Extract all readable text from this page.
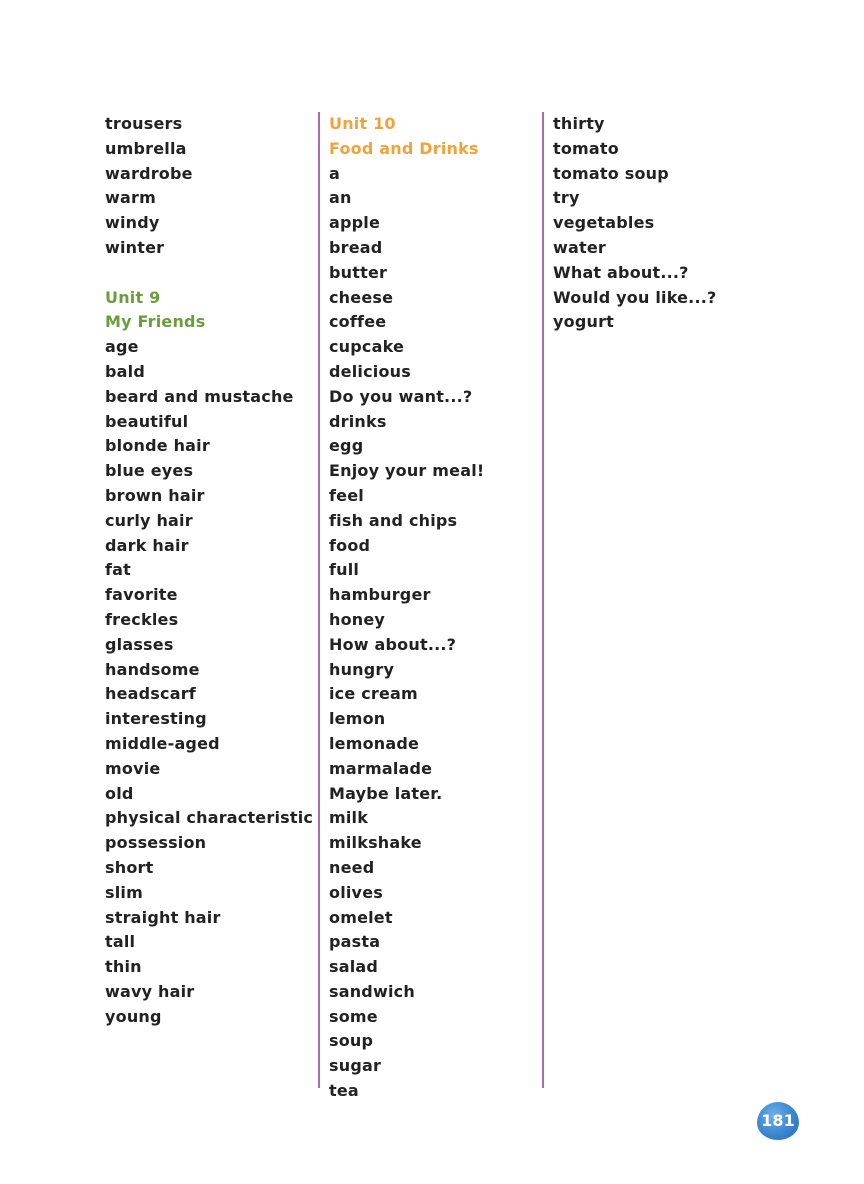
trousers
umbrella
wardrobe
warm
windy
winter
Unit 9
My Friends
age
bald
beard and mustache
beautiful
blonde hair
blue eyes
brown hair
curly hair
dark hair
fat
favorite
freckles
glasses
handsome
headscarf
interesting
middle-aged
movie
old
physical characteristic
possession
short
slim
straight hair
tall
thin
wavy hair
young
Unit 10
Food and Drinks
a
an
apple
bread
butter
cheese
coffee
cupcake
delicious
Do you want...?
drinks
egg
Enjoy your meal!
feel
fish and chips
food
full
hamburger
honey
How about...?
hungry
ice cream
lemon
lemonade
marmalade
Maybe later.
milk
milkshake
need
olives
omelet
pasta
salad
sandwich
some
soup
sugar
tea
thirty
tomato
tomato soup
try
vegetables
water
What about...?
Would you like...?
yogurt
181
